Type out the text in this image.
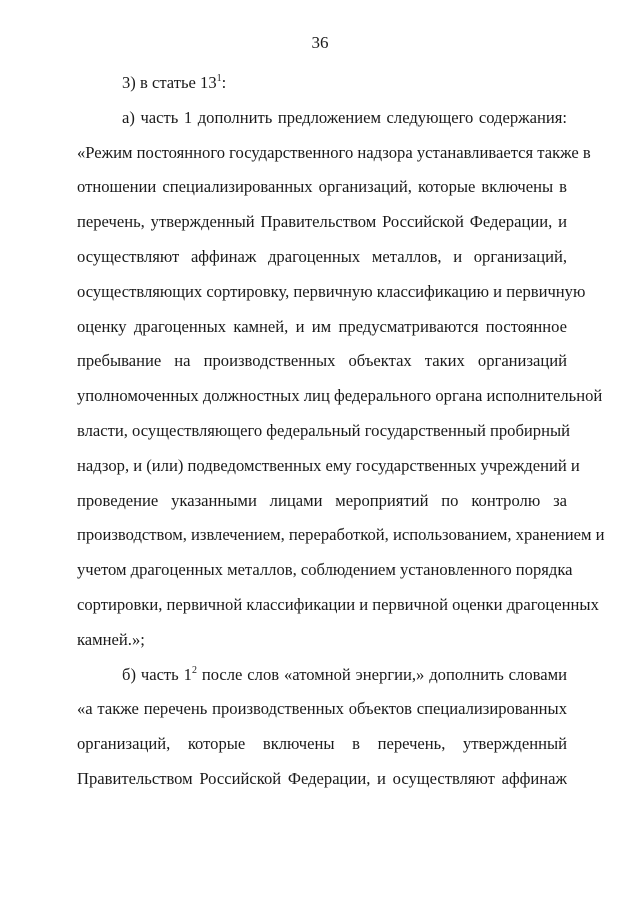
36
3) в статье $13^1$:
а) часть 1 дополнить предложением следующего содержания:
«Режим постоянного государственного надзора устанавливается также в
отношении специализированных организаций, которые включены в
перечень, утвержденный Правительством Российской Федерации, и
осуществляют аффинаж драгоценных металлов, и организаций,
осуществляющих сортировку, первичную классификацию и первичную
оценку драгоценных камней, и им предусматриваются постоянное
пребывание на производственных объектах таких организаций
уполномоченных должностных лиц федерального органа исполнительной
власти, осуществляющего федеральный государственный пробирный
надзор, и (или) подведомственных ему государственных учреждений и
проведение указанными лицами мероприятий по контролю за
производством, извлечением, переработкой, использованием, хранением и
учетом драгоценных металлов, соблюдением установленного порядка
сортировки, первичной классификации и первичной оценки драгоценных
камней.»;
б) часть $1^2$ после слов «атомной энергии,» дополнить словами
«а также перечень производственных объектов специализированных
организаций, которые включены в перечень, утвержденный
Правительством Российской Федерации, и осуществляют аффинаж
